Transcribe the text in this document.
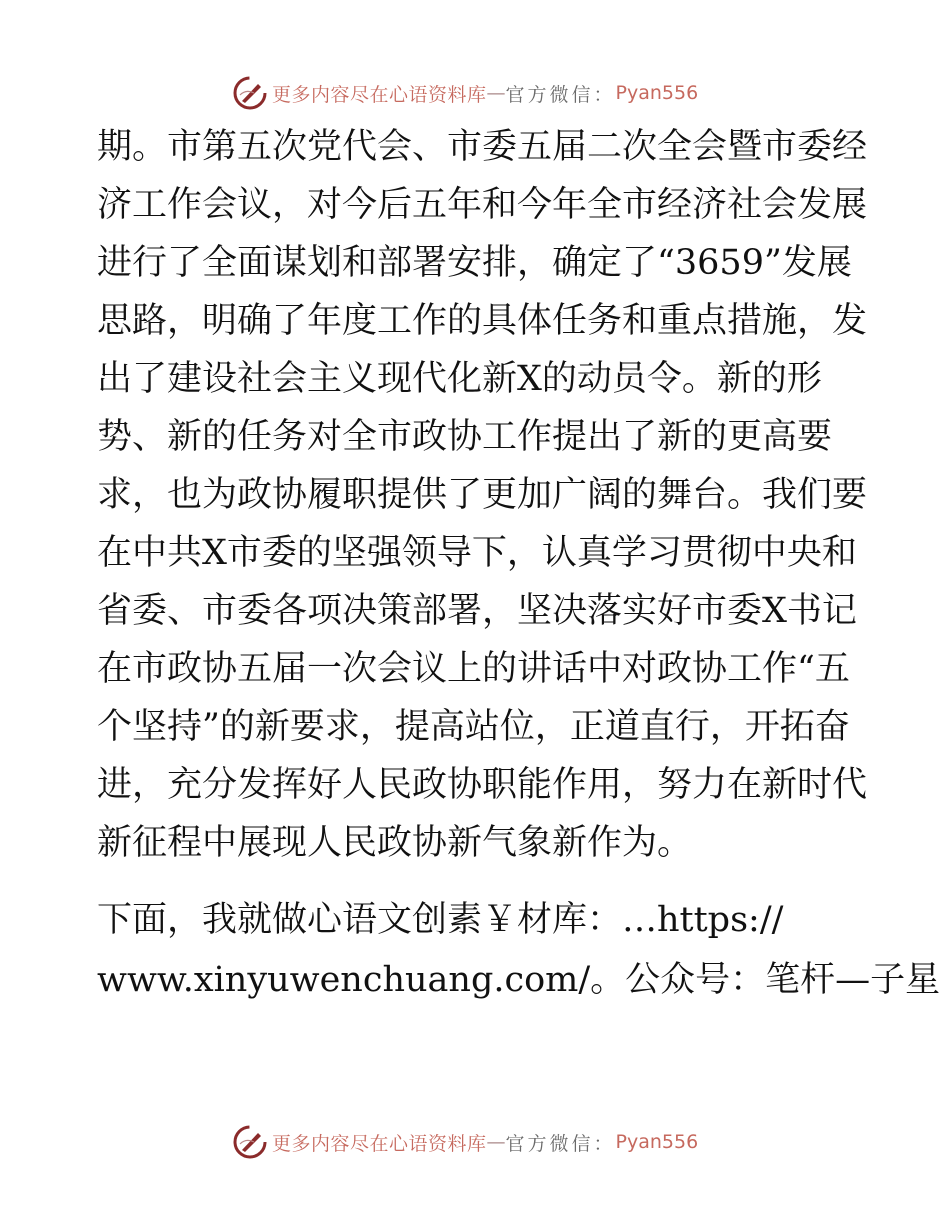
更多内容尽在心语资料库 — 官方微信： Pyan556
期。市第五次党代会、市委五届二次全会暨市委经
济工作会议，对今后五年和今年全市经济社会发展
进行了全面谋划和部署安排，确定了“3659”发展
思路，明确了年度工作的具体任务和重点措施，发
出了建设社会主义现代化新X的动员令。新的形
势、新的任务对全市政协工作提出了新的更高要
求，也为政协履职提供了更加广阔的舞台。我们要
在中共X市委的坚强领导下，认真学习贯彻中央和
省委、市委各项决策部署，坚决落实好市委X书记
在市政协五届一次会议上的讲话中对政协工作“五
个坚持”的新要求，提高站位，正道直行，开拓奋
进，充分发挥好人民政协职能作用，努力在新时代
新征程中展现人民政协新气象新作为。
下面，我就做心语文创素￥材库：…https://
www.xinyuwenchuang.com/。公众号：笔杆—子星
更多内容尽在心语资料库 — 官方微信： Pyan556
